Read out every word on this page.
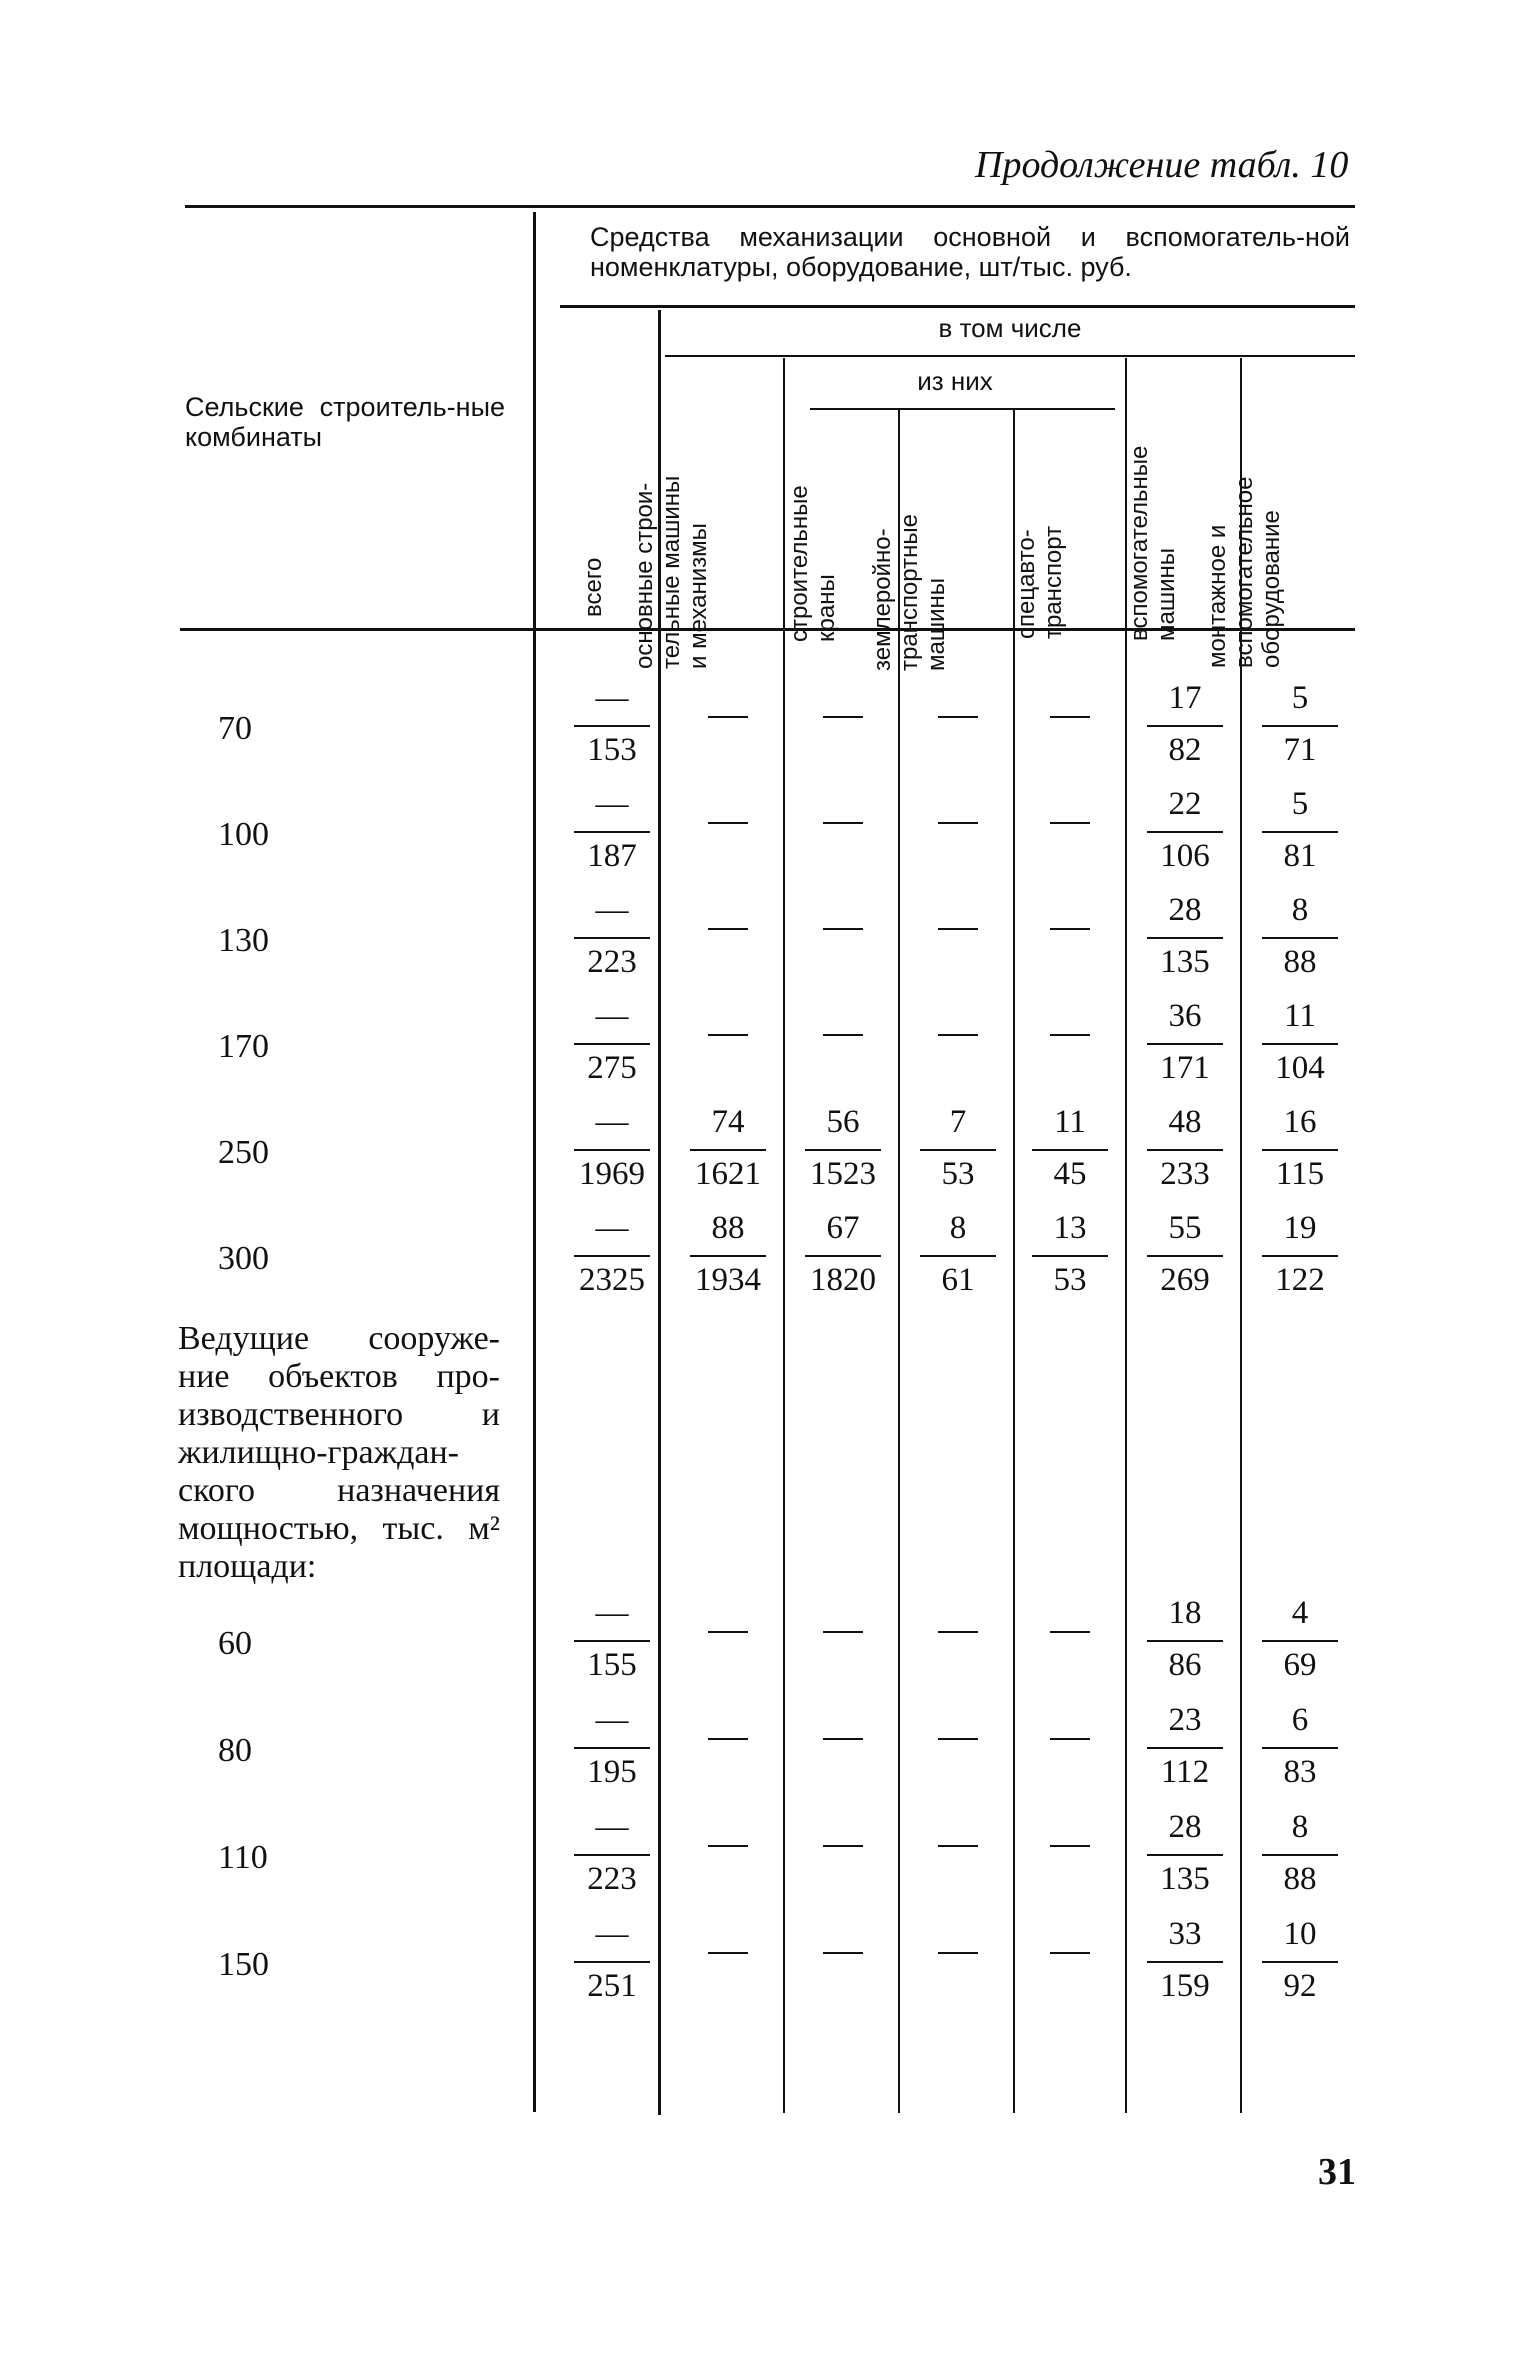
Продолжение табл. 10
Сельские строитель-ные комбинаты
Средства механизации основной и вспомогатель-ной номенклатуры, оборудование, шт/тыс. руб.
в том числе
из них
всего основные строи-
тельные машины
и механизмы	строительные
краны землеройно-
транспортные
машины	спецавто-
транспорт вспомогательные
машины монтажное и
вспомогательное
оборудование
Ведущие сооруже-ние объектов про-изводственного и жилищно-граждан-ского назначения мощностью, тыс. м² площади:
70
—
153
17
82
5
71
100
—
187
22
106
5
81
130
—
223
28
135
8
88
170
—
275
36
171
11
104
250
—
1969
74
1621
56
1523
7
53
11
45
48
233
16
115
300
—
2325
88
1934
67
1820
8
61
13
53
55
269
19
122
60
—
155
18
86
4
69
80
—
195
23
112
6
83
110
—
223
28
135
8
88
150
—
251
33
159
10
92
31
